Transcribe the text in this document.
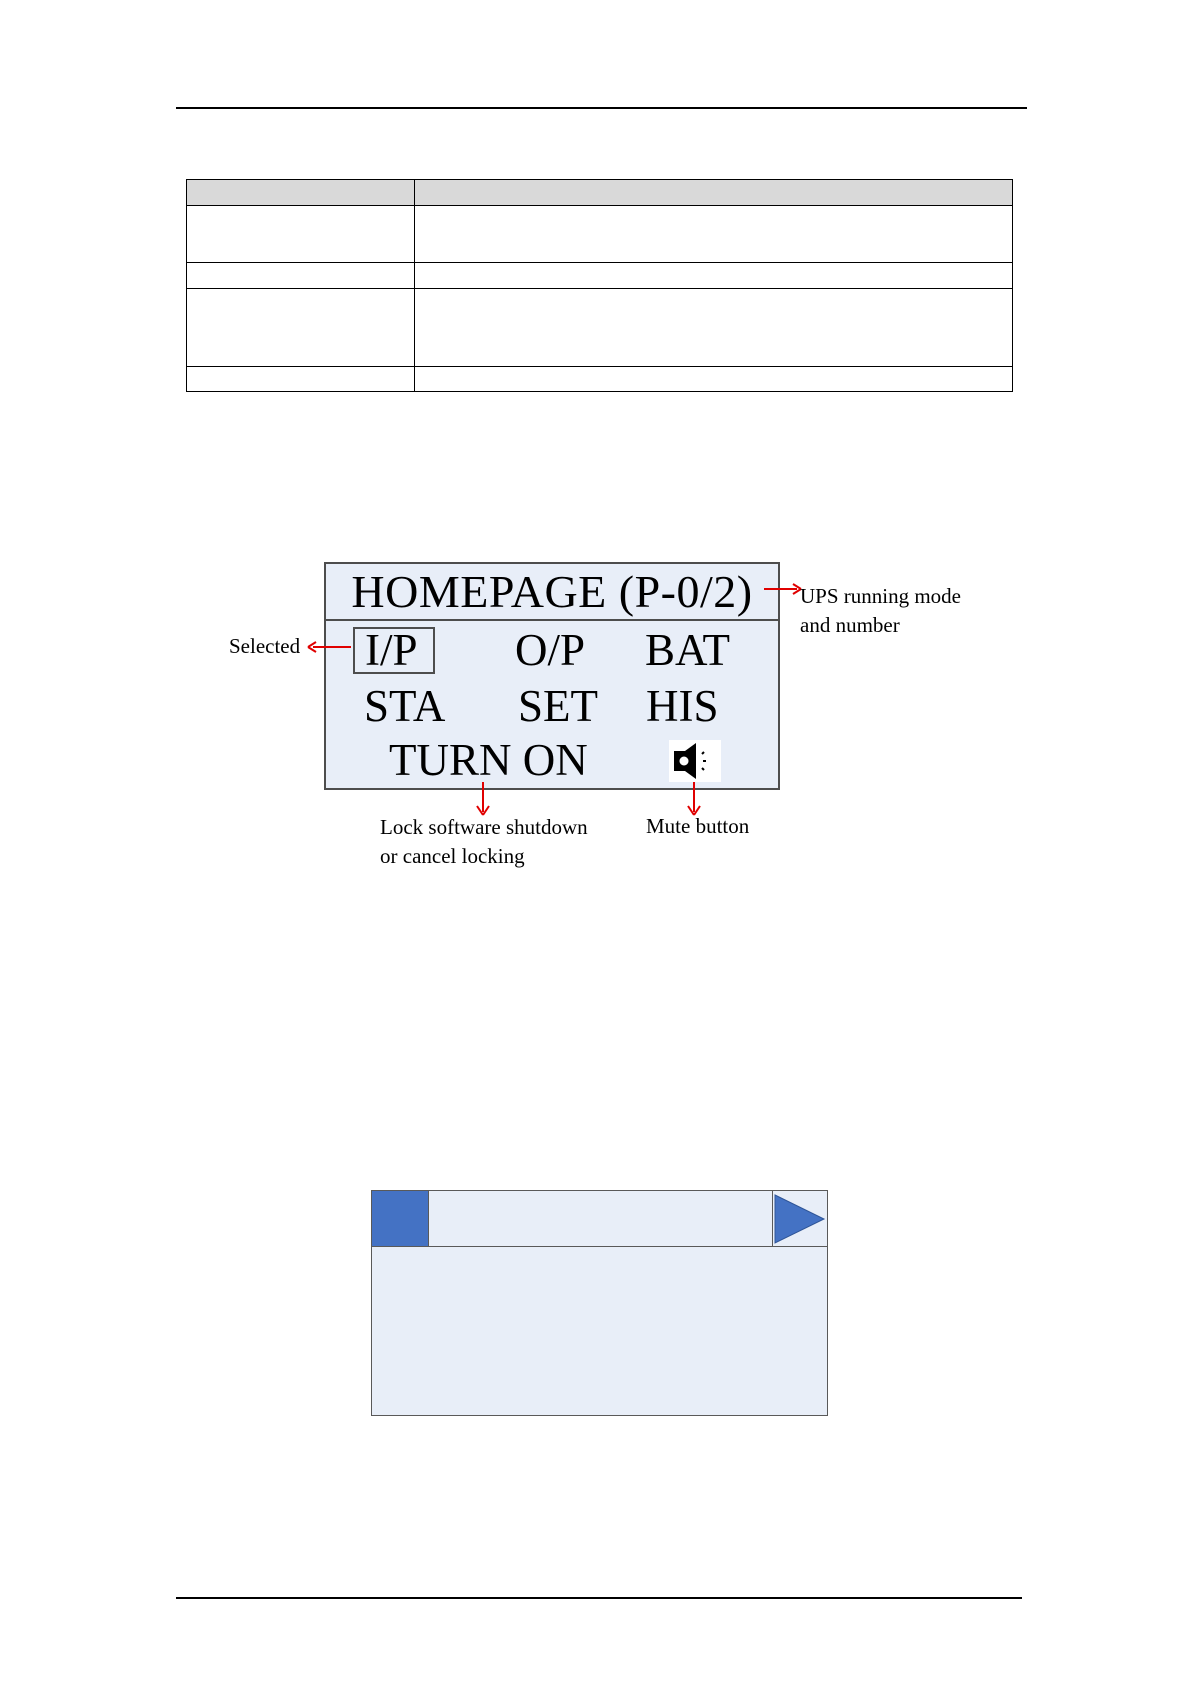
HOMEPAGE (P-0/2)
I/P O/P BAT
STA SET HIS
TURN ON
Selected
UPS running mode
and number
Lock software shutdown
or cancel locking
Mute button
